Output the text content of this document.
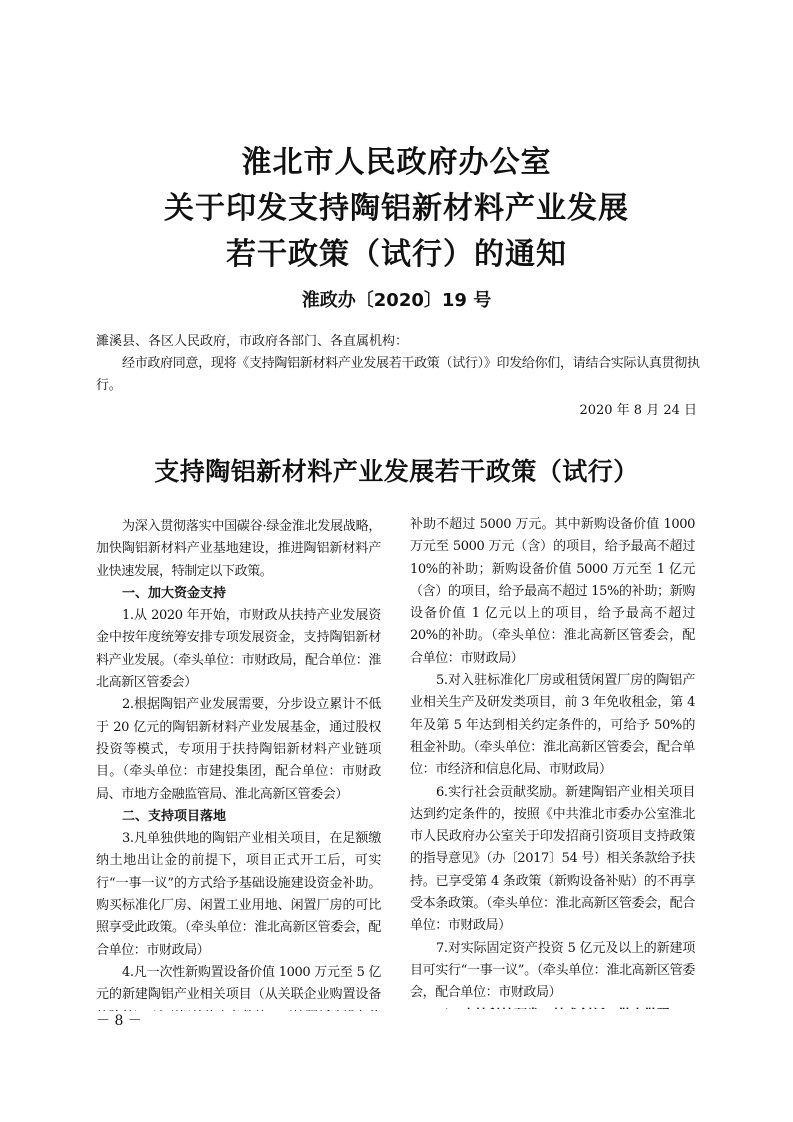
淮北市人民政府办公室
关于印发支持陶铝新材料产业发展
若干政策（试行）的通知
淮政办〔2020〕19 号
濉溪县、各区人民政府，市政府各部门、各直属机构：
经市政府同意，现将《支持陶铝新材料产业发展若干政策（试行）》印发给你们，请结合实际认真贯彻执行。
2020 年 8 月 24 日
支持陶铝新材料产业发展若干政策（试行）

为深入贯彻落实中国碳谷·绿金淮北发展战略，加快陶铝新材料产业基地建设，推进陶铝新材料产业快速发展，特制定以下政策。

一、加大资金支持

1.从 2020 年开始，市财政从扶持产业发展资金中按年度统筹安排专项发展资金，支持陶铝新材料产业发展。（牵头单位：市财政局，配合单位：淮北高新区管委会）

2.根据陶铝产业发展需要，分步设立累计不低于 20 亿元的陶铝新材料产业发展基金，通过股权投资等模式，专项用于扶持陶铝新材料产业链项目。（牵头单位：市建投集团，配合单位：市财政局、市地方金融监管局、淮北高新区管委会）

二、支持项目落地

3.凡单独供地的陶铝产业相关项目，在足额缴纳土地出让金的前提下，项目正式开工后，可实行“一事一议”的方式给予基础设施建设资金补助。购买标准化厂房、闲置工业用地、闲置厂房的可比照享受此政策。（牵头单位：淮北高新区管委会，配合单位：市财政局）

4.凡一次性新购置设备价值 1000 万元至 5 亿元的新建陶铝产业相关项目（从关联企业购置设备

补助不超过 5000 万元。其中新购设备价值 1000 万元至 5000 万元（含）的项目，给予最高不超过 10%的补助；新购设备价值 5000 万元至 1 亿元（含）的项目，给予最高不超过 15%的补助；新购设备价值 1 亿元以上的项目，给予最高不超过 20%的补助。（牵头单位：淮北高新区管委会，配合单位：市财政局）

5.对入驻标准化厂房或租赁闲置厂房的陶铝产业相关生产及研发类项目，前 3 年免收租金，第 4 年及第 5 年达到相关约定条件的，可给予 50%的租金补助。（牵头单位：淮北高新区管委会，配合单位：市经济和信息化局、市财政局）

6.实行社会贡献奖励。新建陶铝产业相关项目达到约定条件的，按照《中共淮北市委办公室淮北市人民政府办公室关于印发招商引资项目支持政策的指导意见》（办〔2017〕54 号）相关条款给予扶持。已享受第 4 条政策（新购设备补贴）的不再享受本条政策。（牵头单位：淮北高新区管委会，配合单位：市财政局）

7.对实际固定资产投资 5 亿元及以上的新建项目可实行“一事一议”。（牵头单位：淮北高新区管委会，配合单位：市财政局）

－ 8 －
